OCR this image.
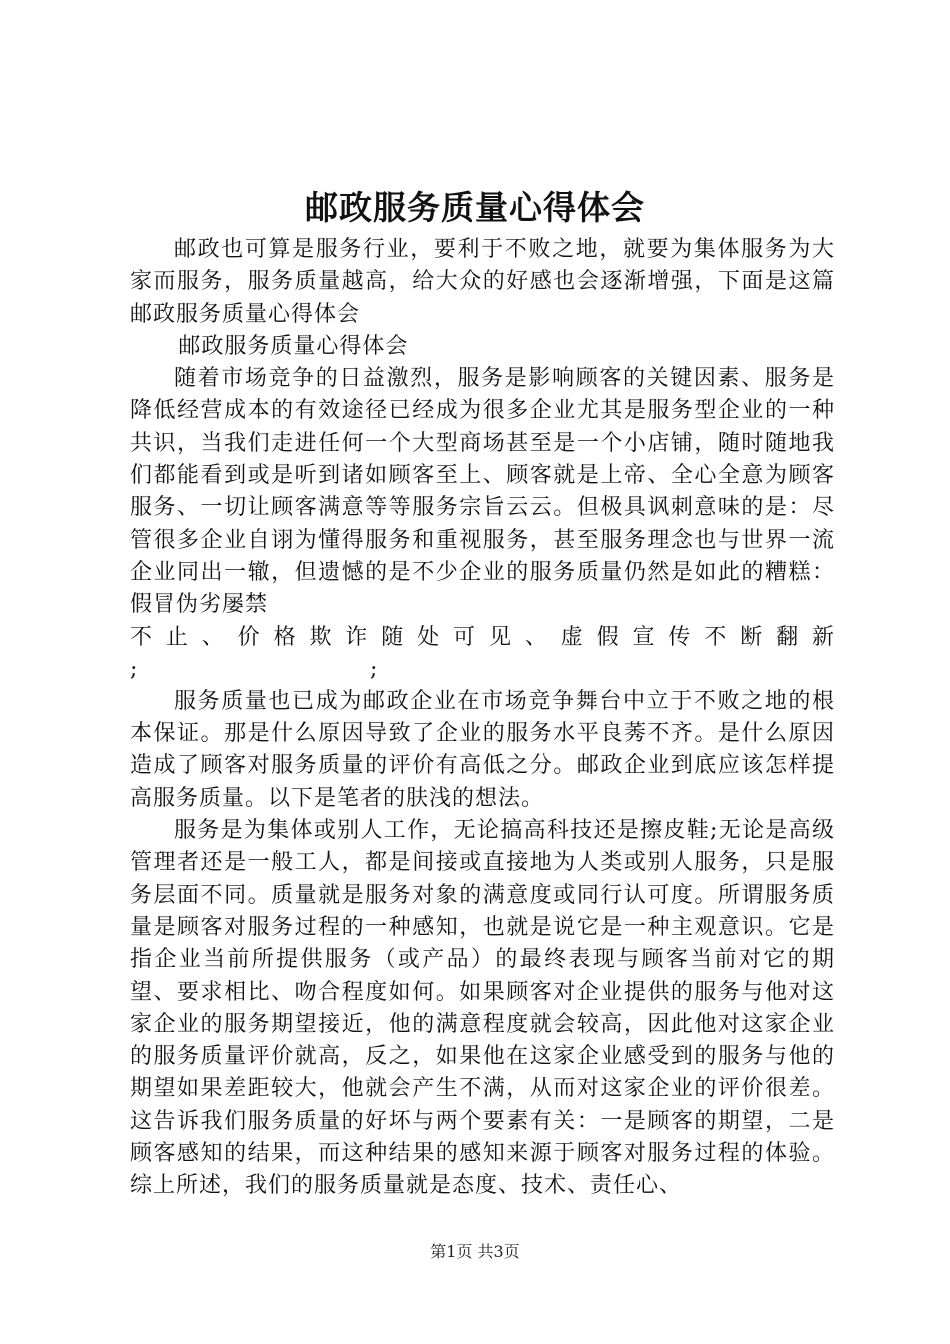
邮政服务质量心得体会

邮政也可算是服务行业，要利于不败之地，就要为集体服务为大家而服务，服务质量越高，给大众的好感也会逐渐增强，下面是这篇邮政服务质量心得体会

邮政服务质量心得体会

随着市场竞争的日益激烈，服务是影响顾客的关键因素、服务是降低经营成本的有效途径已经成为很多企业尤其是服务型企业的一种共识，当我们走进任何一个大型商场甚至是一个小店铺，随时随地我们都能看到或是听到诸如顾客至上、顾客就是上帝、全心全意为顾客服务、一切让顾客满意等等服务宗旨云云。但极具讽刺意味的是：尽管很多企业自诩为懂得服务和重视服务，甚至服务理念也与世界一流企业同出一辙，但遗憾的是不少企业的服务质量仍然是如此的糟糕：假冒伪劣屡禁

不止、价格欺诈随处可见、虚假宣传不断翻新

;	;

服务质量也已成为邮政企业在市场竞争舞台中立于不败之地的根本保证。那是什么原因导致了企业的服务水平良莠不齐。是什么原因造成了顾客对服务质量的评价有高低之分。邮政企业到底应该怎样提高服务质量。以下是笔者的肤浅的想法。

服务是为集体或别人工作，无论搞高科技还是擦皮鞋;无论是高级管理者还是一般工人，都是间接或直接地为人类或别人服务，只是服务层面不同。质量就是服务对象的满意度或同行认可度。所谓服务质量是顾客对服务过程的一种感知，也就是说它是一种主观意识。它是指企业当前所提供服务（或产品）的最终表现与顾客当前对它的期望、要求相比、吻合程度如何。如果顾客对企业提供的服务与他对这家企业的服务期望接近，他的满意程度就会较高，因此他对这家企业的服务质量评价就高，反之，如果他在这家企业感受到的服务与他的期望如果差距较大，他就会产生不满，从而对这家企业的评价很差。这告诉我们服务质量的好坏与两个要素有关：一是顾客的期望，二是顾客感知的结果，而这种结果的感知来源于顾客对服务过程的体验。综上所述，我们的服务质量就是态度、技术、责任心、

第1页 共3页
